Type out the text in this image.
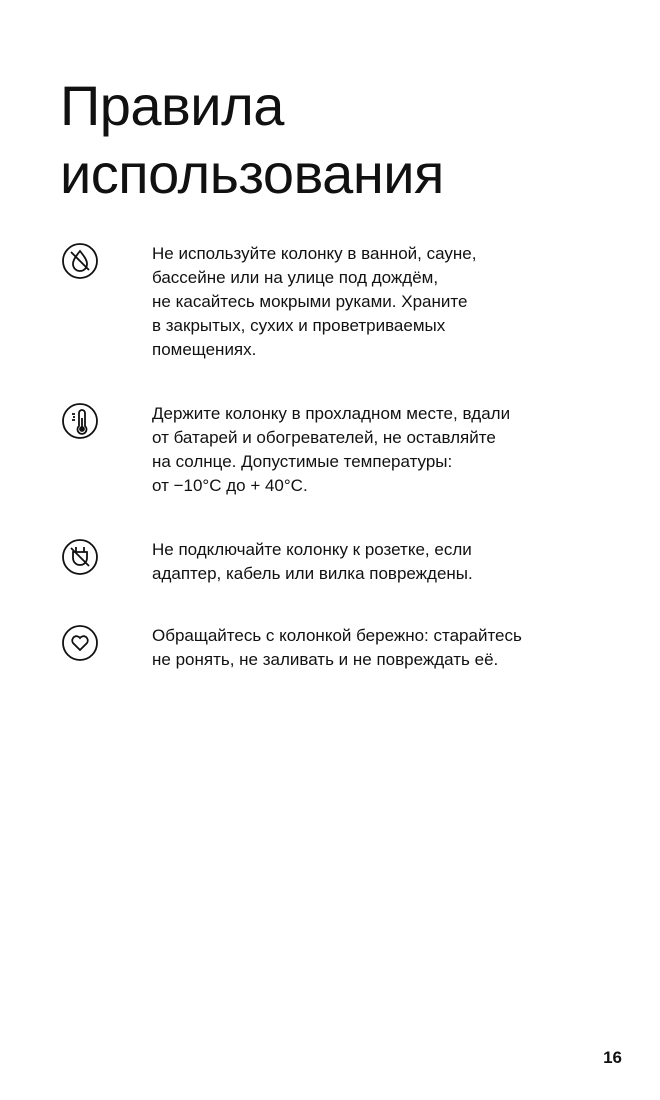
Правила использования

Не используйте колонку в ванной, сауне,
бассейне или на улице под дождём,
не касайтесь мокрыми руками. Храните
в закрытых, сухих и проветриваемых
помещениях.

Держите колонку в прохладном месте, вдали
от батарей и обогревателей, не оставляйте
на солнце. Допустимые температуры:
от −10°C до + 40°C.

Не подключайте колонку к розетке, если
адаптер, кабель или вилка повреждены.

Обращайтесь с колонкой бережно: старайтесь
не ронять, не заливать и не повреждать её.

16
